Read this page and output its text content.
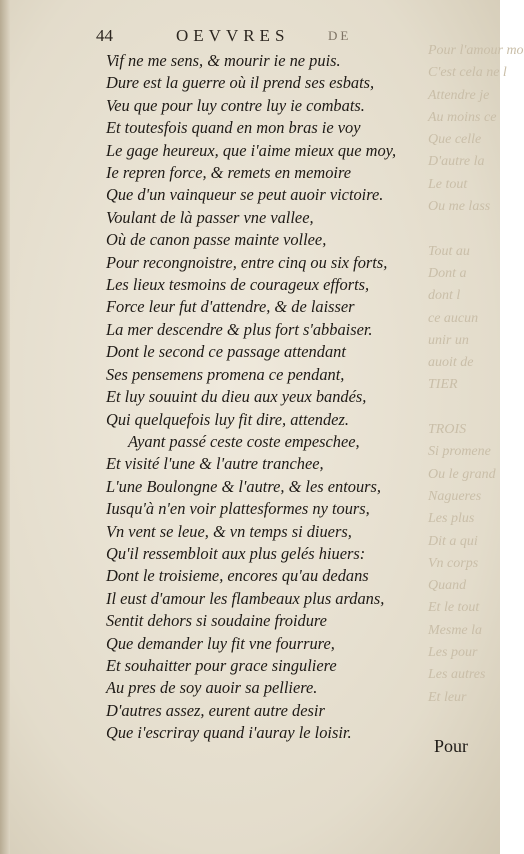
Pour l'amour mo
C'est cela ne l
Attendre je
Au moins ce
Que celle
D'autre la
Le tout
Ou me lass

Tout au
Dont a
dont l
ce aucun
unir un
auoit de
TIER

TROIS
Si promene
Ou le grand
Nagueres
Les plus
Dit a qui
Vn corps
Quand
Et le tout
Mesme la
Les pour
Les autres
Et leur
44	OEVVRES	DE
Vif ne me sens, & mourir ie ne puis.
Dure est la guerre où il prend ses esbats,
Veu que pour luy contre luy ie combats.
Et toutesfois quand en mon bras ie voy
Le gage heureux, que i'aime mieux que moy,
Ie repren force, & remets en memoire
Que d'un vainqueur se peut auoir victoire.
Voulant de là passer vne vallee,
Où de canon passe mainte vollee,
Pour recongnoistre, entre cinq ou six forts,
Les lieux tesmoins de courageux efforts,
Force leur fut d'attendre, & de laisser
La mer descendre & plus fort s'abbaiser.
Dont le second ce passage attendant
Ses pensemens promena ce pendant,
Et luy souuint du dieu aux yeux bandés,
Qui quelquefois luy fit dire, attendez.
Ayant passé ceste coste empeschee,
Et visité l'une & l'autre tranchee,
L'une Boulongne & l'autre, & les entours,
Iusqu'à n'en voir plattesformes ny tours,
Vn vent se leue, & vn temps si diuers,
Qu'il ressembloit aux plus gelés hiuers:
Dont le troisieme, encores qu'au dedans
Il eust d'amour les flambeaux plus ardans,
Sentit dehors si soudaine froidure
Que demander luy fit vne fourrure,
Et souhaitter pour grace singuliere
Au pres de soy auoir sa pelliere.
D'autres assez, eurent autre desir
Que i'escriray quand i'auray le loisir.
Pour
